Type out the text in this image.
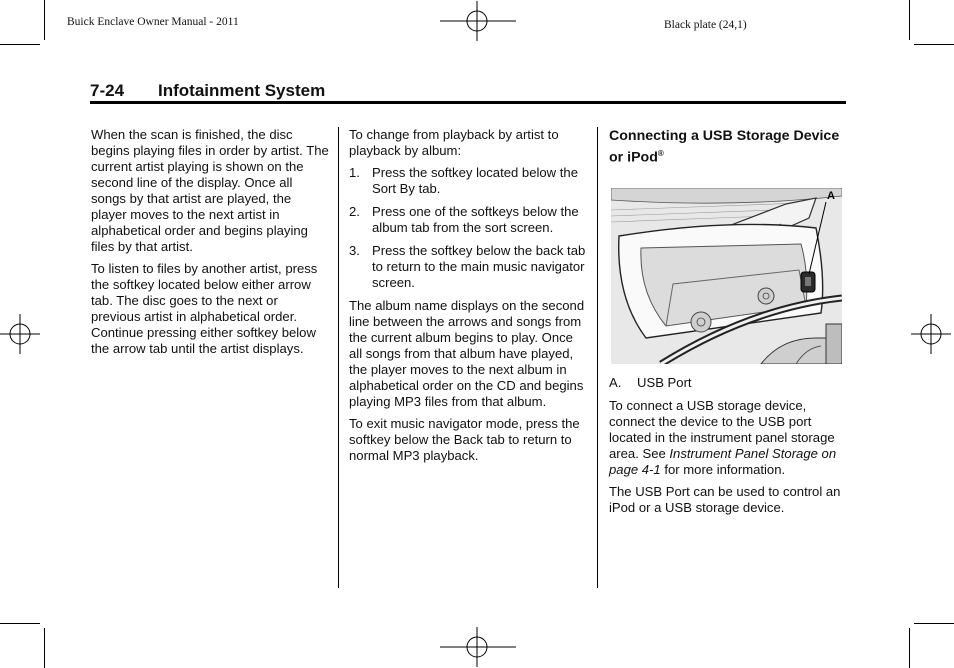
Buick Enclave Owner Manual - 2011	Black plate (24,1)
7-24 Infotainment System

When the scan is finished, the disc begins playing files in order by artist. The current artist playing is shown on the second line of the display. Once all songs by that artist are played, the player moves to the next artist in alphabetical order and begins playing files by that artist.

To listen to files by another artist, press the softkey located below either arrow tab. The disc goes to the next or previous artist in alphabetical order. Continue pressing either softkey below the arrow tab until the artist displays.

To change from playback by artist to playback by album:

1. Press the softkey located below the Sort By tab.
2. Press one of the softkeys below the album tab from the sort screen.
3. Press the softkey below the back tab to return to the main music navigator screen.

The album name displays on the second line between the arrows and songs from the current album begins to play. Once all songs from that album have played, the player moves to the next album in alphabetical order on the CD and begins playing MP3 files from that album.

To exit music navigator mode, press the softkey below the Back tab to return to normal MP3 playback.

Connecting a USB Storage Device or iPod®
A
A. USB Port

To connect a USB storage device, connect the device to the USB port located in the instrument panel storage area. See Instrument Panel Storage on page 4‑1 for more information.

The USB Port can be used to control an iPod or a USB storage device.
